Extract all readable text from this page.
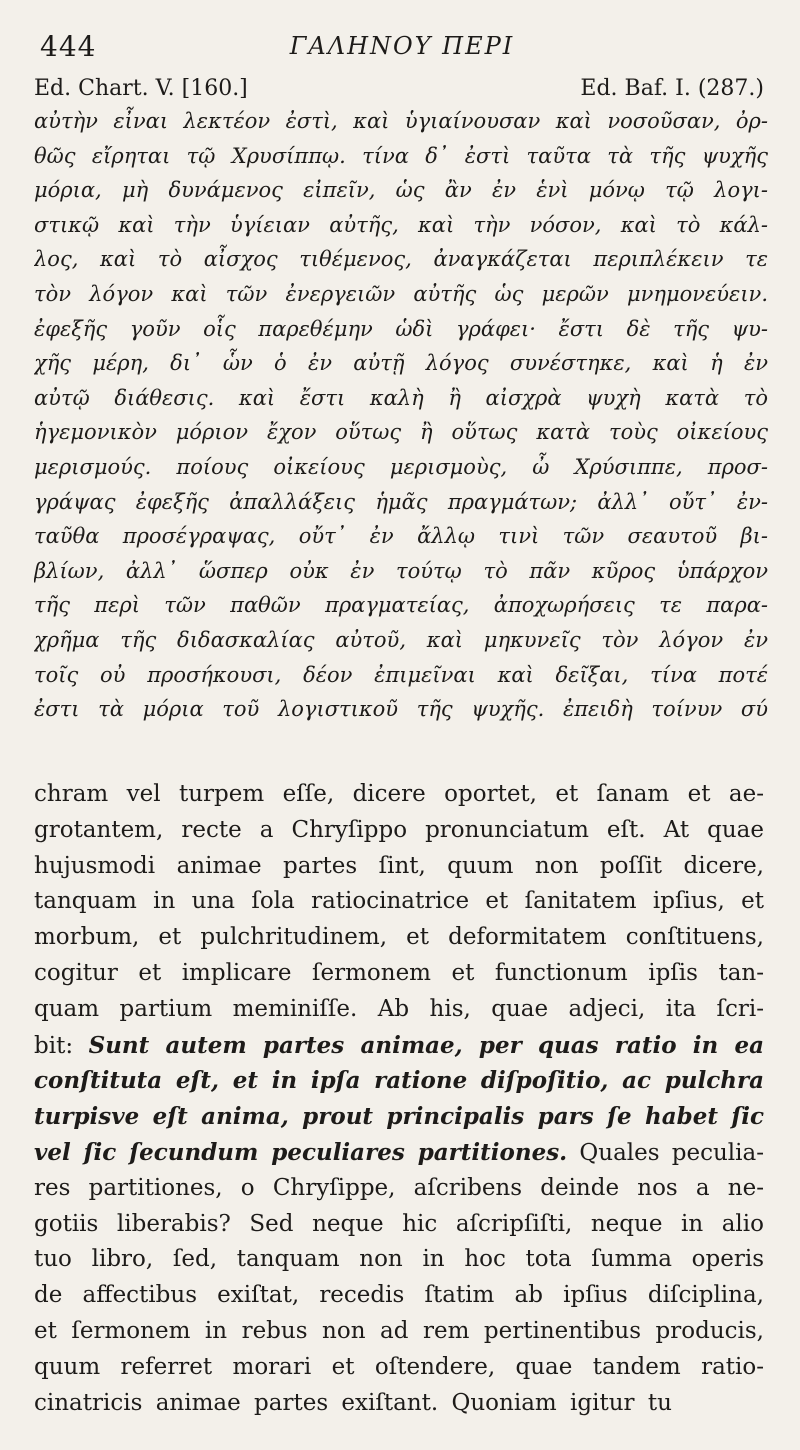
444	ΓΑΛΗΝΟΥ ΠΕΡΙ
Ed. Chart. V. [160.]	Ed. Baf. I. (287.)
αὐτὴν εἶναι λεκτέον ἐστὶ, καὶ ὑγιαίνουσαν καὶ νοσοῦσαν, ὀρ-
θῶς εἴρηται τῷ Χρυσίππῳ. τίνα δ᾽ ἐστὶ ταῦτα τὰ τῆς ψυχῆς
μόρια, μὴ δυνάμενος εἰπεῖν, ὡς ἂν ἐν ἑνὶ μόνῳ τῷ λογι-
στικῷ καὶ τὴν ὑγίειαν αὐτῆς, καὶ τὴν νόσον, καὶ τὸ κάλ-
λος, καὶ τὸ αἶσχος τιθέμενος, ἀναγκάζεται περιπλέκειν τε
τὸν λόγον καὶ τῶν ἐνεργειῶν αὐτῆς ὡς μερῶν μνημονεύειν.
ἐφεξῆς γοῦν οἷς παρεθέμην ὡδὶ γράφει· ἔστι δὲ τῆς ψυ-
χῆς μέρη, δι᾽ ὧν ὁ ἐν αὐτῇ λόγος συνέστηκε, καὶ ἡ ἐν
αὐτῷ διάθεσις. καὶ ἔστι καλὴ ἢ αἰσχρὰ ψυχὴ κατὰ τὸ
ἡγεμονικὸν μόριον ἔχον οὕτως ἢ οὕτως κατὰ τοὺς οἰκείους
μερισμούς. ποίους οἰκείους μερισμοὺς, ὦ Χρύσιππε, προσ-
γράψας ἐφεξῆς ἀπαλλάξεις ἡμᾶς πραγμάτων; ἀλλ᾽ οὔτ᾽ ἐν-
ταῦθα προσέγραψας, οὔτ᾽ ἐν ἄλλῳ τινὶ τῶν σεαυτοῦ βι-
βλίων, ἀλλ᾽ ὥσπερ οὐκ ἐν τούτῳ τὸ πᾶν κῦρος ὑπάρχον
τῆς περὶ τῶν παθῶν πραγματείας, ἀποχωρήσεις τε παρα-
χρῆμα τῆς διδασκαλίας αὐτοῦ, καὶ μηκυνεῖς τὸν λόγον ἐν
τοῖς οὐ προσήκουσι, δέον ἐπιμεῖναι καὶ δεῖξαι, τίνα ποτέ
ἐστι τὰ μόρια τοῦ λογιστικοῦ τῆς ψυχῆς. ἐπειδὴ τοίνυν σύ
chram vel turpem eſſe, dicere oportet, et ſanam et ae-
grotantem, recte a Chryſippo pronunciatum eſt. At quae
hujusmodi animae partes ſint, quum non poſſit dicere,
tanquam in una ſola ratiocinatrice et ſanitatem ipſius, et
morbum, et pulchritudinem, et deformitatem conſtituens,
cogitur et implicare ſermonem et functionum ipſis tan-
quam partium meminiſſe. Ab his, quae adjeci, ita ſcri-
bit: Sunt autem partes animae, per quas ratio in ea
conſtituta eſt, et in ipſa ratione diſpoſitio, ac pulchra
turpisve eſt anima, prout principalis pars ſe habet ſic
vel ſic ſecundum peculiares partitiones. Quales peculia-
res partitiones, o Chryſippe, aſcribens deinde nos a ne-
gotiis liberabis? Sed neque hic aſcripſiſti, neque in alio
tuo libro, ſed, tanquam non in hoc tota ſumma operis
de affectibus exiſtat, recedis ſtatim ab ipſius diſciplina,
et ſermonem in rebus non ad rem pertinentibus producis,
quum referret morari et oſtendere, quae tandem ratio-
cinatricis animae partes exiſtant. Quoniam igitur tu
